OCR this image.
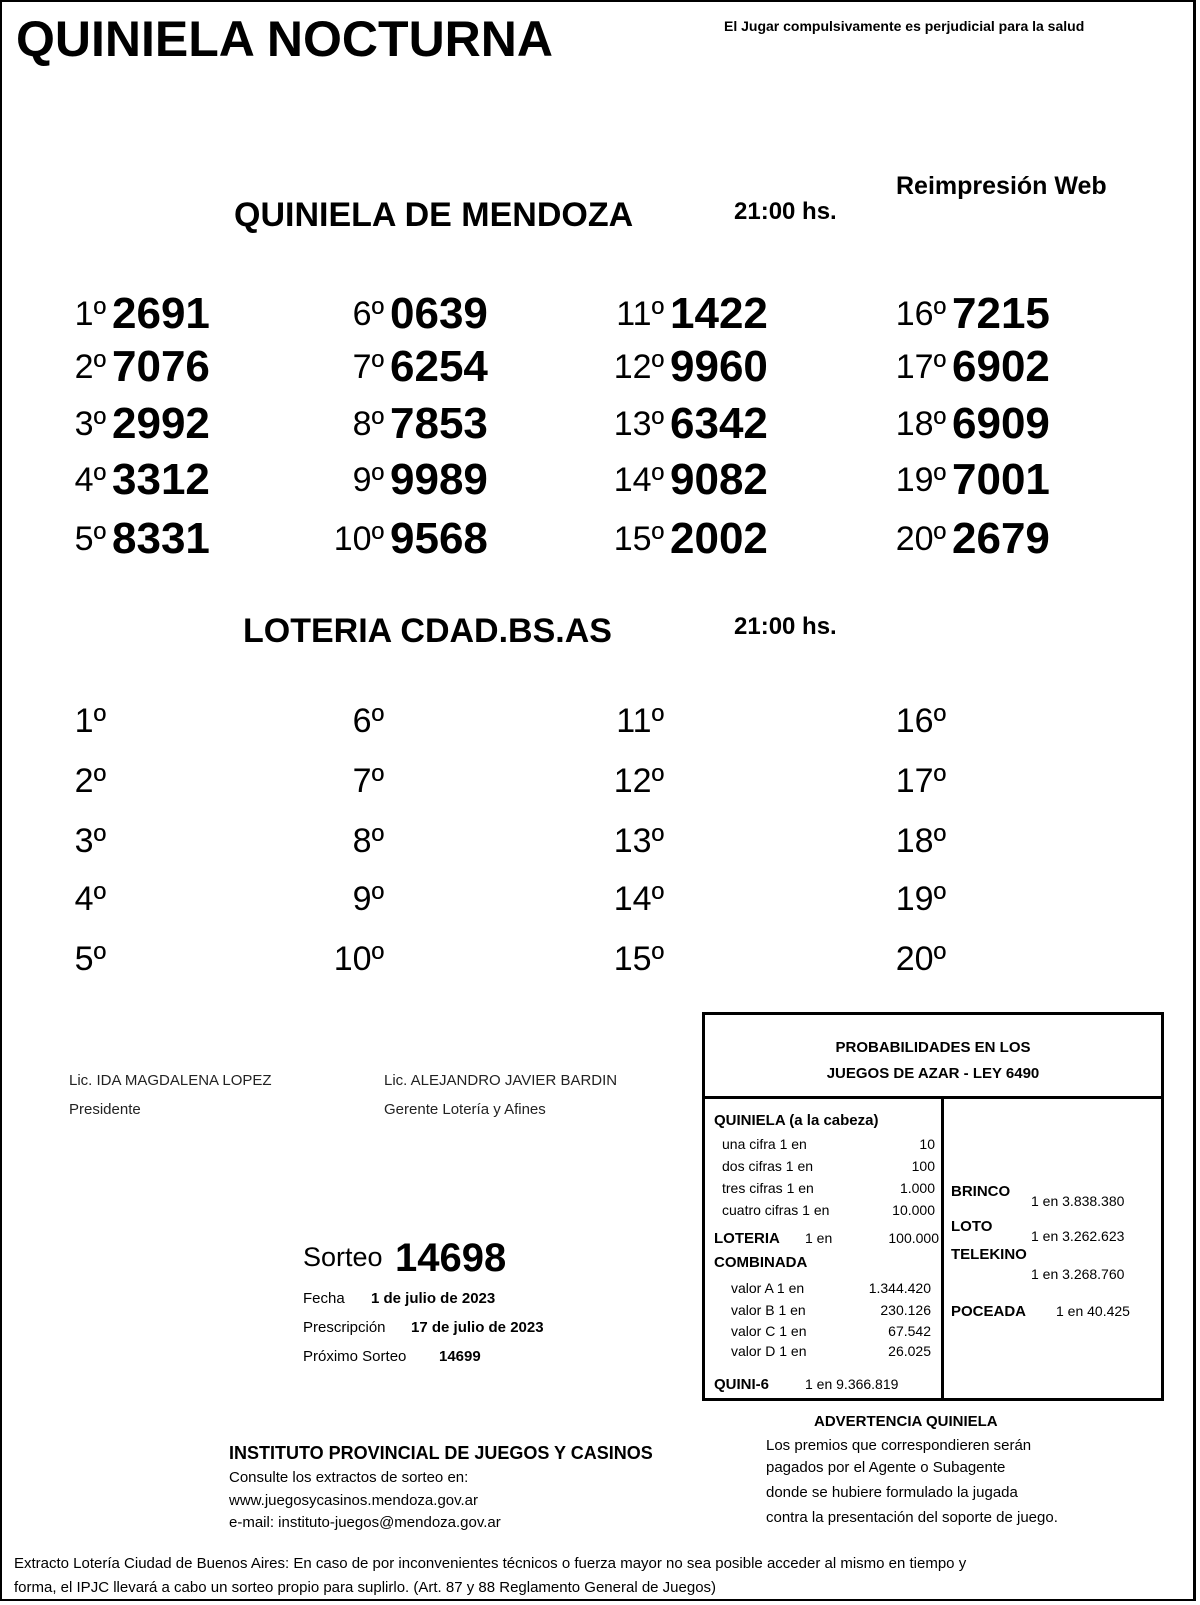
QUINIELA NOCTURNA	El Jugar compulsivamente es perjudicial para la salud
Reimpresión Web
QUINIELA DE MENDOZA	21:00 hs.
1º 2691
2º 7076
3º 2992
4º 3312
5º 8331
6º 0639
7º 6254
8º 7853
9º 9989
10º 9568
11º 1422
12º 9960
13º 6342
14º 9082
15º 2002
16º 7215
17º 6902
18º 6909
19º 7001
20º 2679
LOTERIA CDAD.BS.AS	21:00 hs.
1º
2º
3º
4º
5º
6º
7º
8º
9º
10º
11º
12º
13º
14º
15º
16º
17º
18º
19º
20º
Lic. IDA MAGDALENA LOPEZ
Presidente
Lic. ALEJANDRO JAVIER BARDIN
Gerente Lotería y Afines
Sorteo 14698
Fecha 1 de julio de 2023
Prescripción 17 de julio de 2023
Próximo Sorteo 14699
PROBABILIDADES EN LOS
JUEGOS DE AZAR - LEY 6490
QUINIELA (a la cabeza)
una cifra 1 en	10
dos cifras 1 en	100
tres cifras 1 en	1.000
cuatro cifras 1 en	10.000
LOTERIA 1 en	100.000
COMBINADA
valor A 1 en	1.344.420
valor B 1 en	230.126
valor C 1 en	67.542
valor D 1 en	26.025
QUINI-6	1 en 9.366.819
BRINCO
1 en 3.838.380
LOTO
1 en 3.262.623
TELEKINO
1 en 3.268.760
POCEADA 1 en 40.425
ADVERTENCIA QUINIELA
Los premios que correspondieren serán
pagados por el Agente o Subagente
donde se hubiere formulado la jugada
contra la presentación del soporte de juego.
INSTITUTO PROVINCIAL DE JUEGOS Y CASINOS
Consulte los extractos de sorteo en:
www.juegosycasinos.mendoza.gov.ar
e-mail: instituto-juegos@mendoza.gov.ar
Extracto Lotería Ciudad de Buenos Aires: En caso de por inconvenientes técnicos o fuerza mayor no sea posible acceder al mismo en tiempo y
forma, el IPJC llevará a cabo un sorteo propio para suplirlo. (Art. 87 y 88 Reglamento General de Juegos)
